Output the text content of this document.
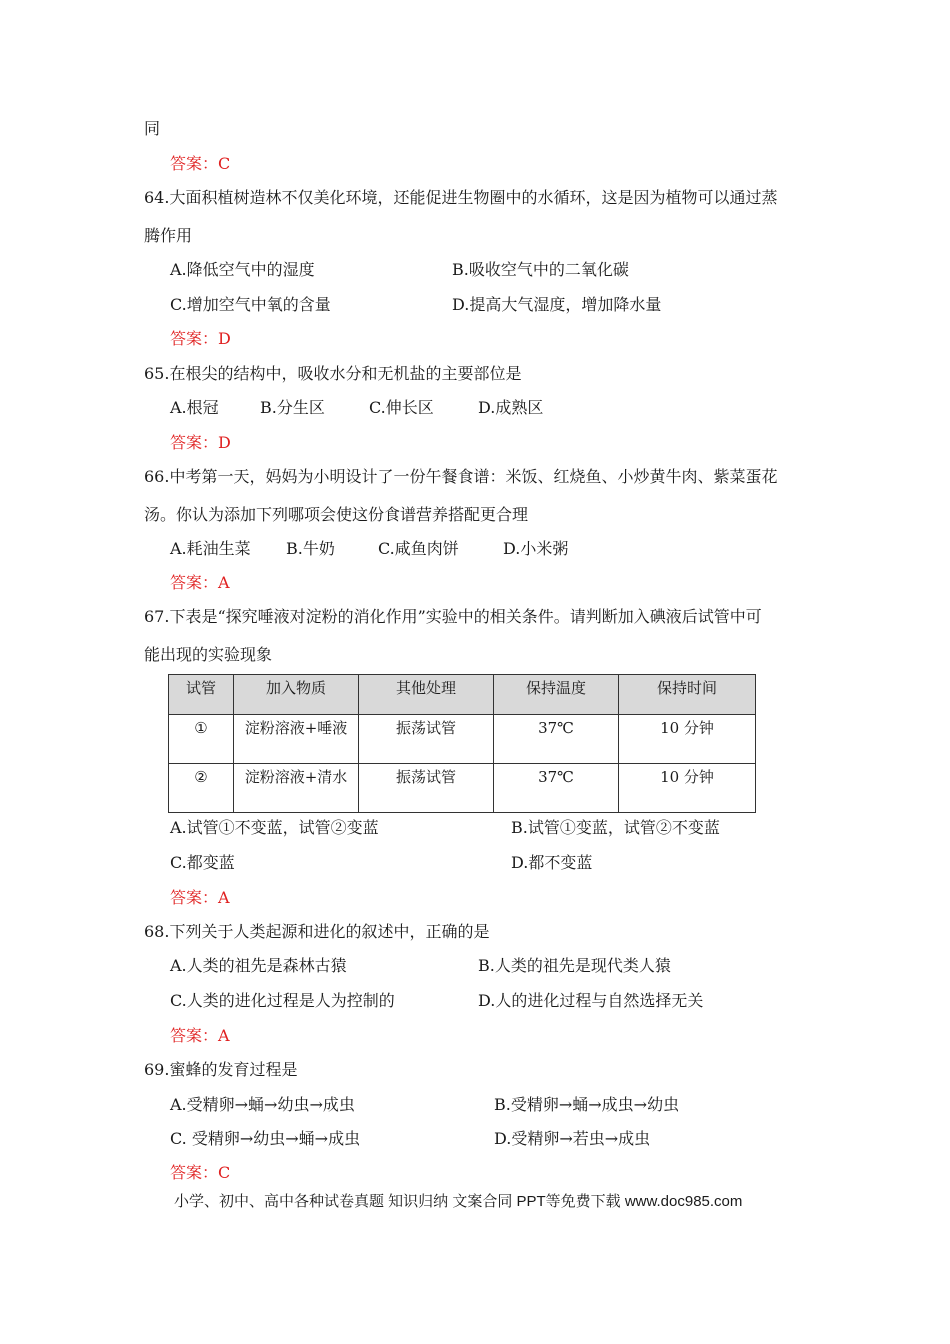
同
答案：C
64.大面积植树造林不仅美化环境，还能促进生物圈中的水循环，这是因为植物可以通过蒸
腾作用
A.降低空气中的湿度	B.吸收空气中的二氧化碳
C.增加空气中氧的含量	D.提高大气湿度，增加降水量
答案：D
65.在根尖的结构中，吸收水分和无机盐的主要部位是
A.根冠	B.分生区	C.伸长区	D.成熟区
答案：D
66.中考第一天，妈妈为小明设计了一份午餐食谱：米饭、红烧鱼、小炒黄牛肉、紫菜蛋花
汤。你认为添加下列哪项会使这份食谱营养搭配更合理
A.耗油生菜 B.牛奶	C.咸鱼肉饼	D.小米粥
答案：A
67.下表是“探究唾液对淀粉的消化作用”实验中的相关条件。请判断加入碘液后试管中可
能出现的实验现象
试管	加入物质	其他处理	保持温度	保持时间
①	淀粉溶液+唾液	振荡试管	37℃	10 分钟
②	淀粉溶液+清水	振荡试管	37℃	10 分钟
A.试管①不变蓝，试管②变蓝	B.试管①变蓝，试管②不变蓝
C.都变蓝	D.都不变蓝
答案：A
68.下列关于人类起源和进化的叙述中，正确的是
A.人类的祖先是森林古猿	B.人类的祖先是现代类人猿
C.人类的进化过程是人为控制的	D.人的进化过程与自然选择无关
答案：A
69.蜜蜂的发育过程是
A.受精卵→蛹→幼虫→成虫	B.受精卵→蛹→成虫→幼虫
C. 受精卵→幼虫→蛹→成虫	D.受精卵→若虫→成虫
答案：C
小学、初中、高中各种试卷真题 知识归纳 文案合同 PPT等免费下载 www.doc985.com
